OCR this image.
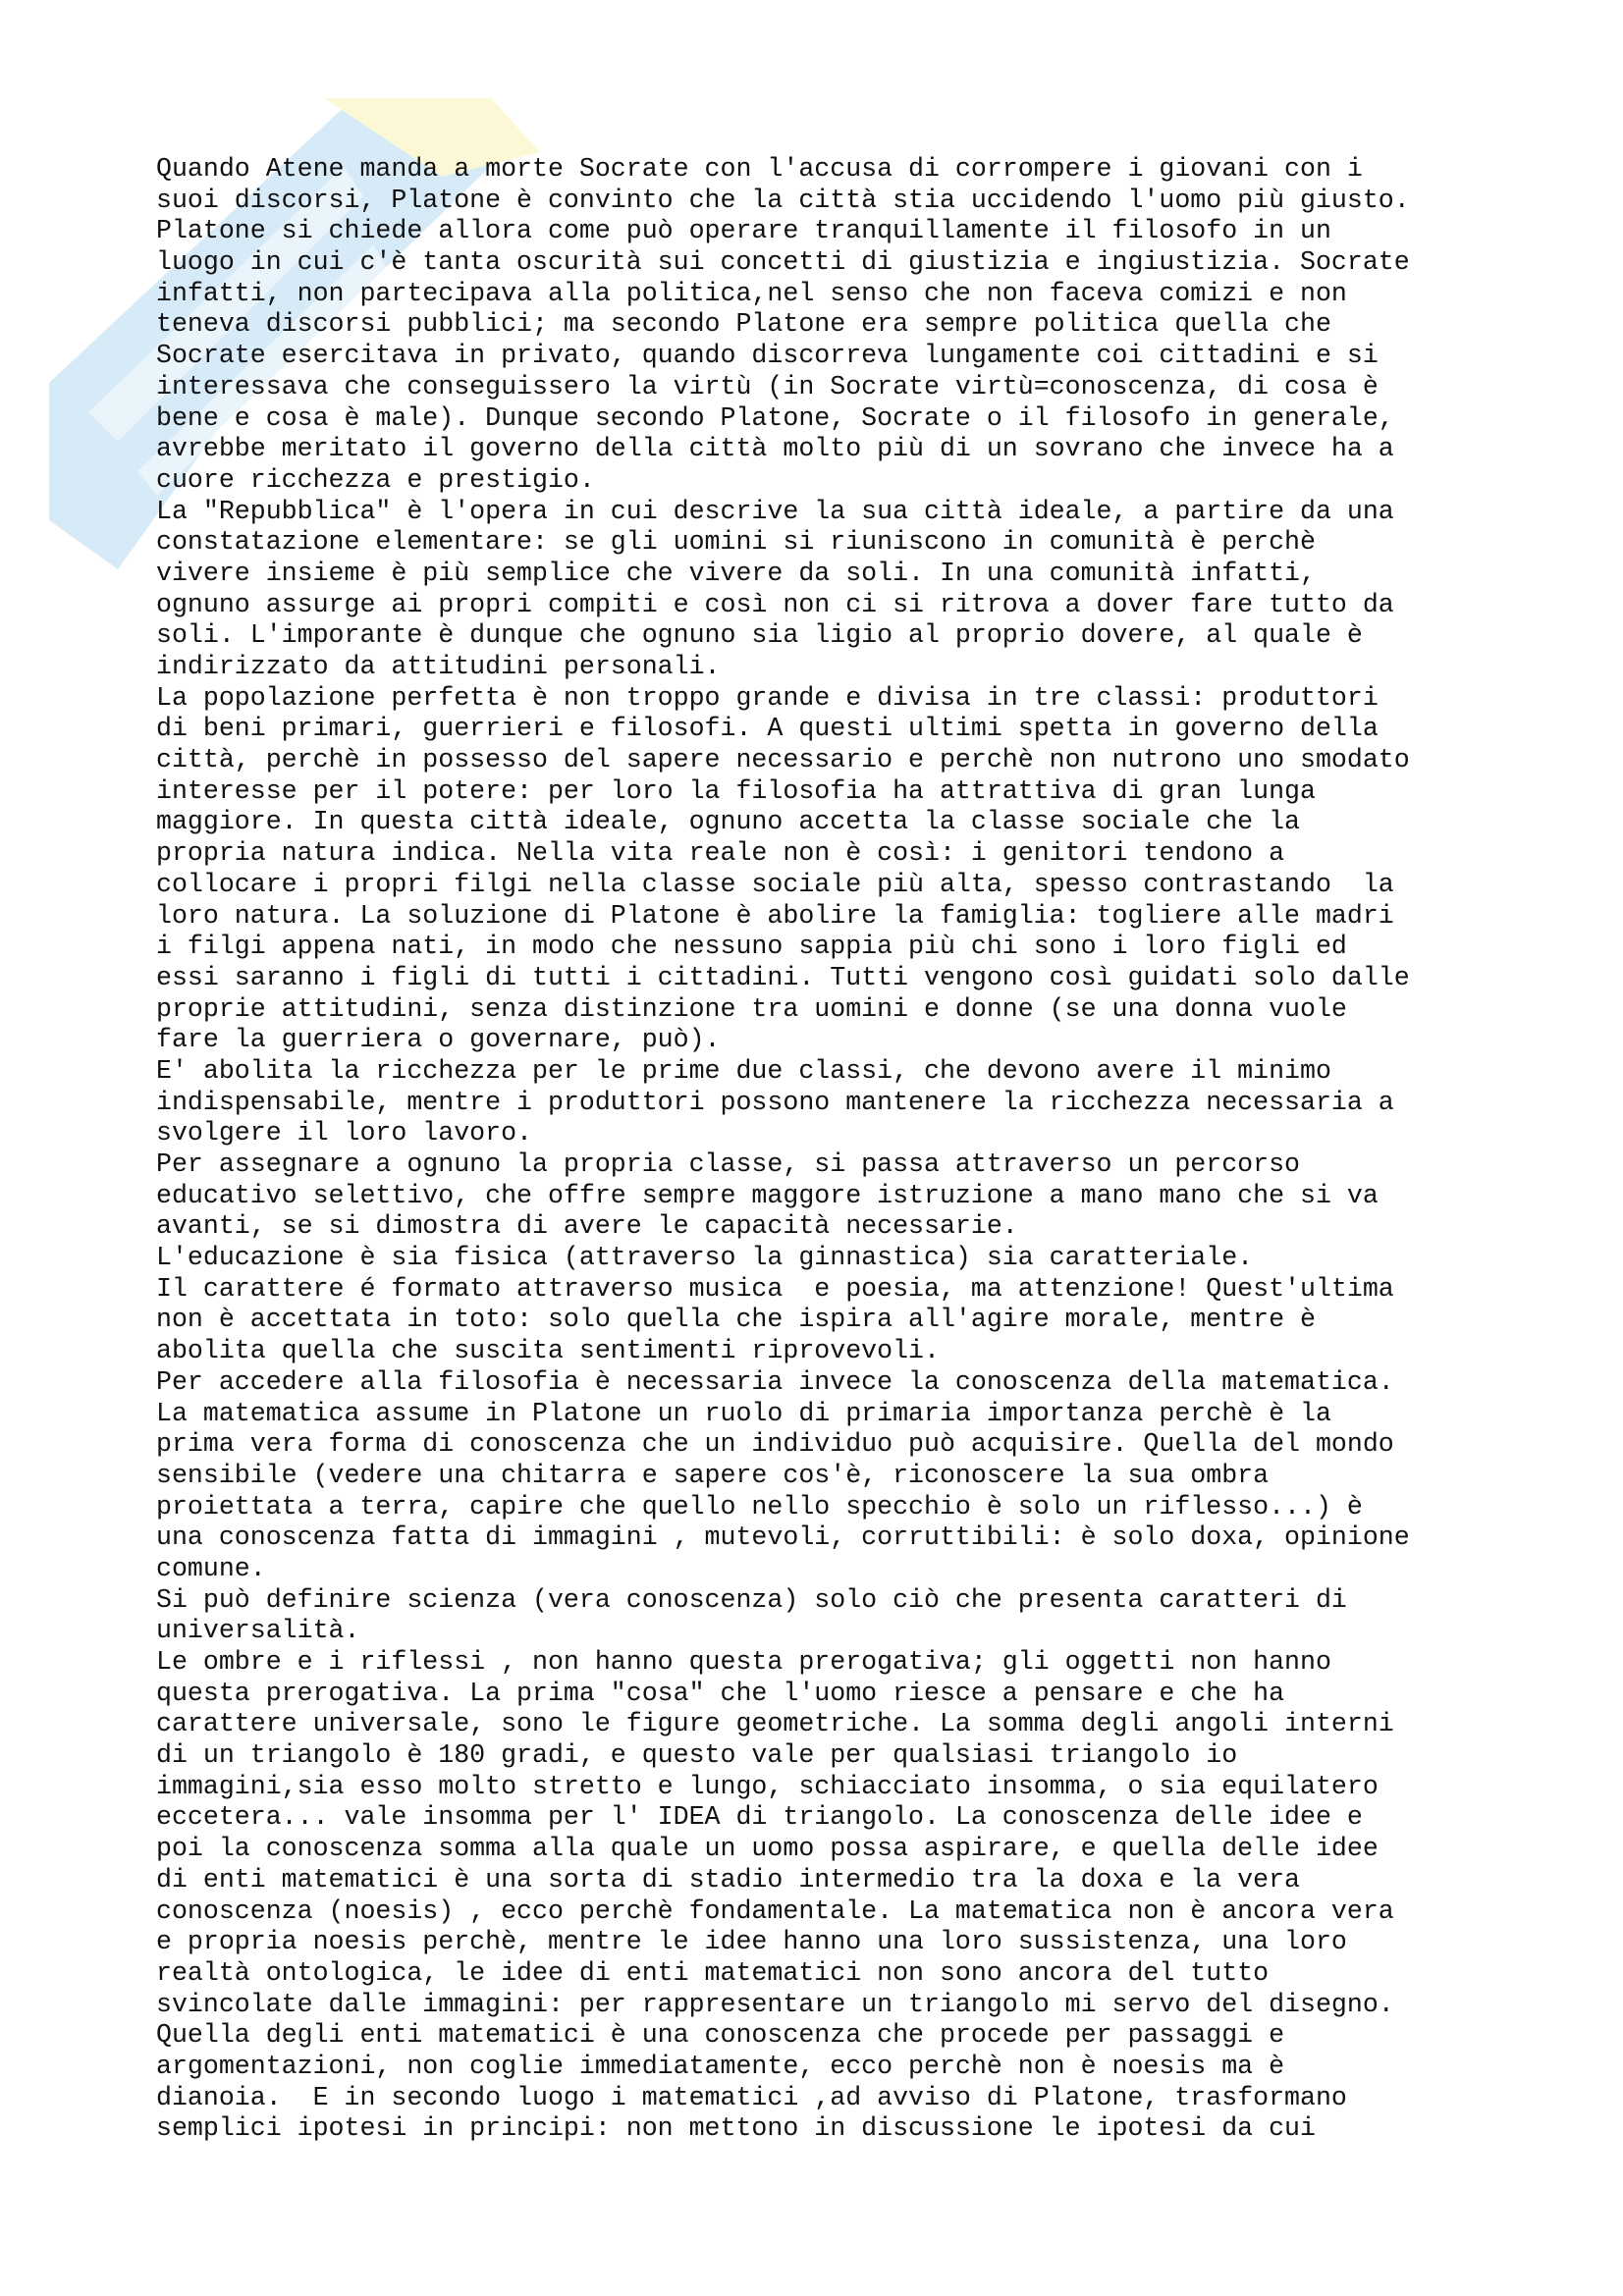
Quando Atene manda a morte Socrate con l'accusa di corrompere i giovani con i
suoi discorsi, Platone è convinto che la città stia uccidendo l'uomo più giusto.
Platone si chiede allora come può operare tranquillamente il filosofo in un
luogo in cui c'è tanta oscurità sui concetti di giustizia e ingiustizia. Socrate
infatti, non partecipava alla politica,nel senso che non faceva comizi e non
teneva discorsi pubblici; ma secondo Platone era sempre politica quella che
Socrate esercitava in privato, quando discorreva lungamente coi cittadini e si
interessava che conseguissero la virtù (in Socrate virtù=conoscenza, di cosa è
bene e cosa è male). Dunque secondo Platone, Socrate o il filosofo in generale,
avrebbe meritato il governo della città molto più di un sovrano che invece ha a
cuore ricchezza e prestigio.
La "Repubblica" è l'opera in cui descrive la sua città ideale, a partire da una
constatazione elementare: se gli uomini si riuniscono in comunità è perchè
vivere insieme è più semplice che vivere da soli. In una comunità infatti,
ognuno assurge ai propri compiti e così non ci si ritrova a dover fare tutto da
soli. L'imporante è dunque che ognuno sia ligio al proprio dovere, al quale è
indirizzato da attitudini personali.
La popolazione perfetta è non troppo grande e divisa in tre classi: produttori
di beni primari, guerrieri e filosofi. A questi ultimi spetta in governo della
città, perchè in possesso del sapere necessario e perchè non nutrono uno smodato
interesse per il potere: per loro la filosofia ha attrattiva di gran lunga
maggiore. In questa città ideale, ognuno accetta la classe sociale che la
propria natura indica. Nella vita reale non è così: i genitori tendono a
collocare i propri filgi nella classe sociale più alta, spesso contrastando  la
loro natura. La soluzione di Platone è abolire la famiglia: togliere alle madri
i filgi appena nati, in modo che nessuno sappia più chi sono i loro figli ed
essi saranno i figli di tutti i cittadini. Tutti vengono così guidati solo dalle
proprie attitudini, senza distinzione tra uomini e donne (se una donna vuole
fare la guerriera o governare, può).
E' abolita la ricchezza per le prime due classi, che devono avere il minimo
indispensabile, mentre i produttori possono mantenere la ricchezza necessaria a
svolgere il loro lavoro.
Per assegnare a ognuno la propria classe, si passa attraverso un percorso
educativo selettivo, che offre sempre maggore istruzione a mano mano che si va
avanti, se si dimostra di avere le capacità necessarie.
L'educazione è sia fisica (attraverso la ginnastica) sia caratteriale.
Il carattere é formato attraverso musica  e poesia, ma attenzione! Quest'ultima
non è accettata in toto: solo quella che ispira all'agire morale, mentre è
abolita quella che suscita sentimenti riprovevoli.
Per accedere alla filosofia è necessaria invece la conoscenza della matematica.
La matematica assume in Platone un ruolo di primaria importanza perchè è la
prima vera forma di conoscenza che un individuo può acquisire. Quella del mondo
sensibile (vedere una chitarra e sapere cos'è, riconoscere la sua ombra
proiettata a terra, capire che quello nello specchio è solo un riflesso...) è
una conoscenza fatta di immagini , mutevoli, corruttibili: è solo doxa, opinione
comune.
Si può definire scienza (vera conoscenza) solo ciò che presenta caratteri di
universalità.
Le ombre e i riflessi , non hanno questa prerogativa; gli oggetti non hanno
questa prerogativa. La prima "cosa" che l'uomo riesce a pensare e che ha
carattere universale, sono le figure geometriche. La somma degli angoli interni
di un triangolo è 180 gradi, e questo vale per qualsiasi triangolo io
immagini,sia esso molto stretto e lungo, schiacciato insomma, o sia equilatero
eccetera... vale insomma per l' IDEA di triangolo. La conoscenza delle idee e
poi la conoscenza somma alla quale un uomo possa aspirare, e quella delle idee
di enti matematici è una sorta di stadio intermedio tra la doxa e la vera
conoscenza (noesis) , ecco perchè fondamentale. La matematica non è ancora vera
e propria noesis perchè, mentre le idee hanno una loro sussistenza, una loro
realtà ontologica, le idee di enti matematici non sono ancora del tutto
svincolate dalle immagini: per rappresentare un triangolo mi servo del disegno.
Quella degli enti matematici è una conoscenza che procede per passaggi e
argomentazioni, non coglie immediatamente, ecco perchè non è noesis ma è
dianoia.  E in secondo luogo i matematici ,ad avviso di Platone, trasformano
semplici ipotesi in principi: non mettono in discussione le ipotesi da cui
